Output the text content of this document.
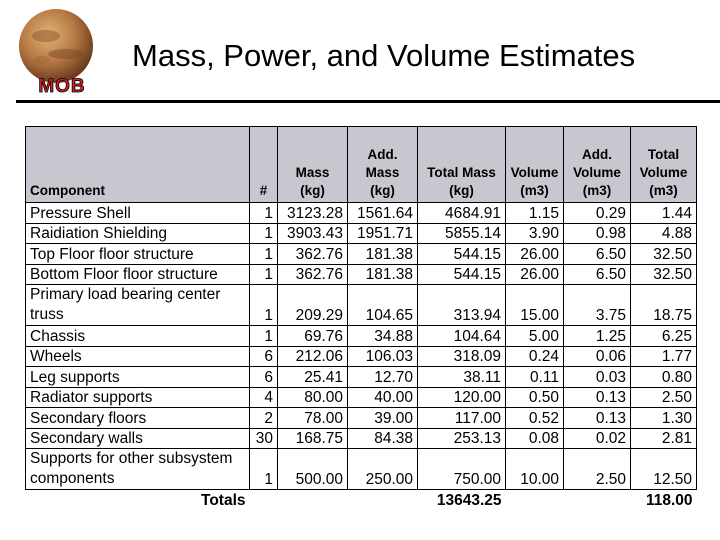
MOB
Mass, Power, and Volume Estimates
Component	#	Mass (kg)	Add. Mass (kg)	Total Mass (kg)	Volume (m3)	Add. Volume (m3)	Total Volume (m3)
Pressure Shell	1	3123.28	1561.64	4684.91	1.15	0.29	1.44
Raidiation Shielding	1	3903.43	1951.71	5855.14	3.90	0.98	4.88
Top Floor floor structure	1	362.76	181.38	544.15	26.00	6.50	32.50
Bottom Floor floor structure	1	362.76	181.38	544.15	26.00	6.50	32.50
Primary load bearing center truss	1	209.29	104.65	313.94	15.00	3.75	18.75
Chassis	1	69.76	34.88	104.64	5.00	1.25	6.25
Wheels	6	212.06	106.03	318.09	0.24	0.06	1.77
Leg supports	6	25.41	12.70	38.11	0.11	0.03	0.80
Radiator supports	4	80.00	40.00	120.00	0.50	0.13	2.50
Secondary floors	2	78.00	39.00	117.00	0.52	0.13	1.30
Secondary walls	30	168.75	84.38	253.13	0.08	0.02	2.81
Supports for other subsystem components	1	500.00	250.00	750.00	10.00	2.50	12.50
Totals				13643.25			118.00
